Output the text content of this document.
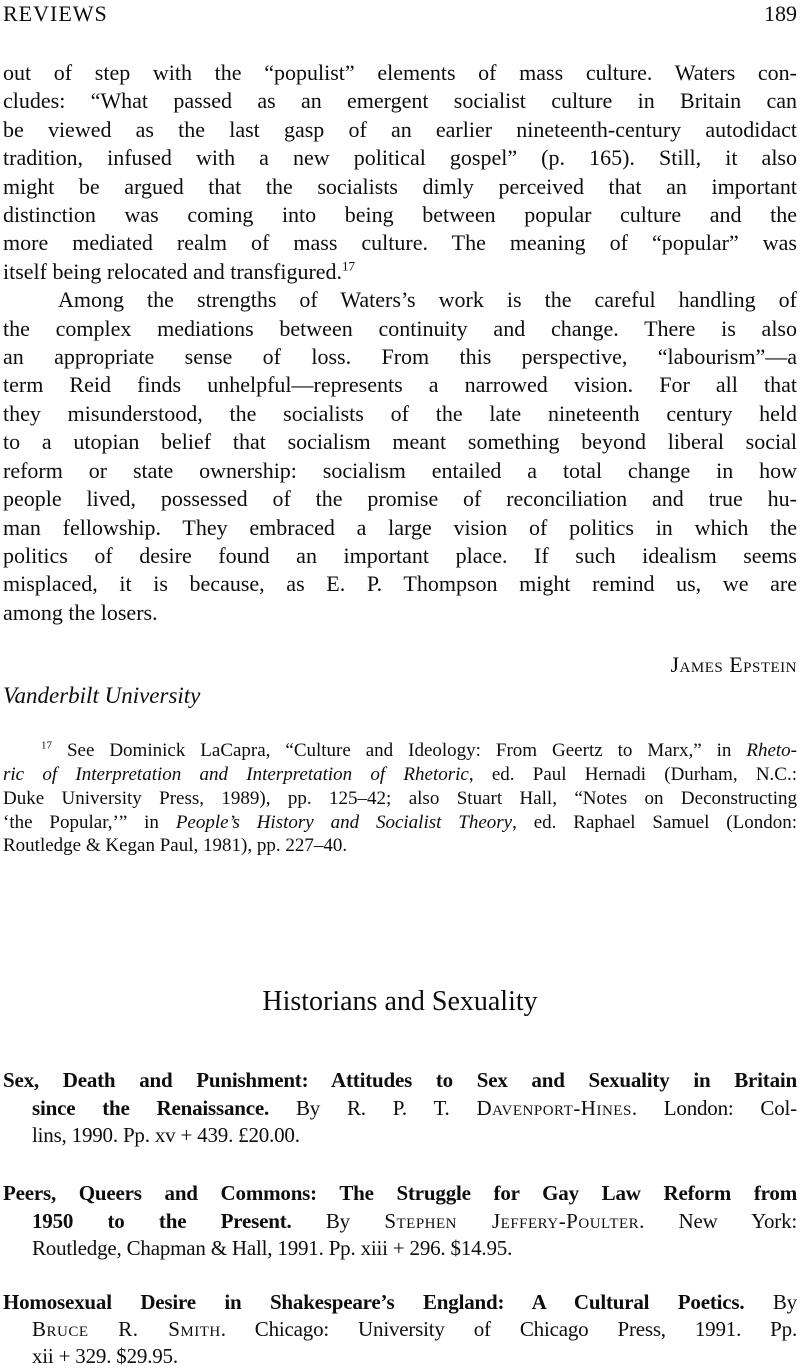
REVIEWS	189
out of step with the “populist” elements of mass culture. Waters con-
cludes: “What passed as an emergent socialist culture in Britain can
be viewed as the last gasp of an earlier nineteenth-century autodidact
tradition, infused with a new political gospel” (p. 165). Still, it also
might be argued that the socialists dimly perceived that an important
distinction was coming into being between popular culture and the
more mediated realm of mass culture. The meaning of “popular” was
itself being relocated and transfigured.$^{17}$
Among the strengths of Waters’s work is the careful handling of
the complex mediations between continuity and change. There is also
an appropriate sense of loss. From this perspective, “labourism”—a
term Reid finds unhelpful—represents a narrowed vision. For all that
they misunderstood, the socialists of the late nineteenth century held
to a utopian belief that socialism meant something beyond liberal social
reform or state ownership: socialism entailed a total change in how
people lived, possessed of the promise of reconciliation and true hu-
man fellowship. They embraced a large vision of politics in which the
politics of desire found an important place. If such idealism seems
misplaced, it is because, as E. P. Thompson might remind us, we are
among the losers.
James Epstein
Vanderbilt University
$^{17}$ See Dominick LaCapra, “Culture and Ideology: From Geertz to Marx,” in Rheto-
ric of Interpretation and Interpretation of Rhetoric, ed. Paul Hernadi (Durham, N.C.:
Duke University Press, 1989), pp. 125–42; also Stuart Hall, “Notes on Deconstructing
‘the Popular,’” in People’s History and Socialist Theory, ed. Raphael Samuel (London:
Routledge & Kegan Paul, 1981), pp. 227–40.
Historians and Sexuality
Sex, Death and Punishment: Attitudes to Sex and Sexuality in Britain
since the Renaissance. By R. P. T. Davenport-Hines. London: Col-
lins, 1990. Pp. xv + 439. £20.00.
Peers, Queers and Commons: The Struggle for Gay Law Reform from
1950 to the Present. By Stephen Jeffery-Poulter. New York:
Routledge, Chapman & Hall, 1991. Pp. xiii + 296. $14.95.
Homosexual Desire in Shakespeare’s England: A Cultural Poetics. By
Bruce R. Smith. Chicago: University of Chicago Press, 1991. Pp.
xii + 329. $29.95.
